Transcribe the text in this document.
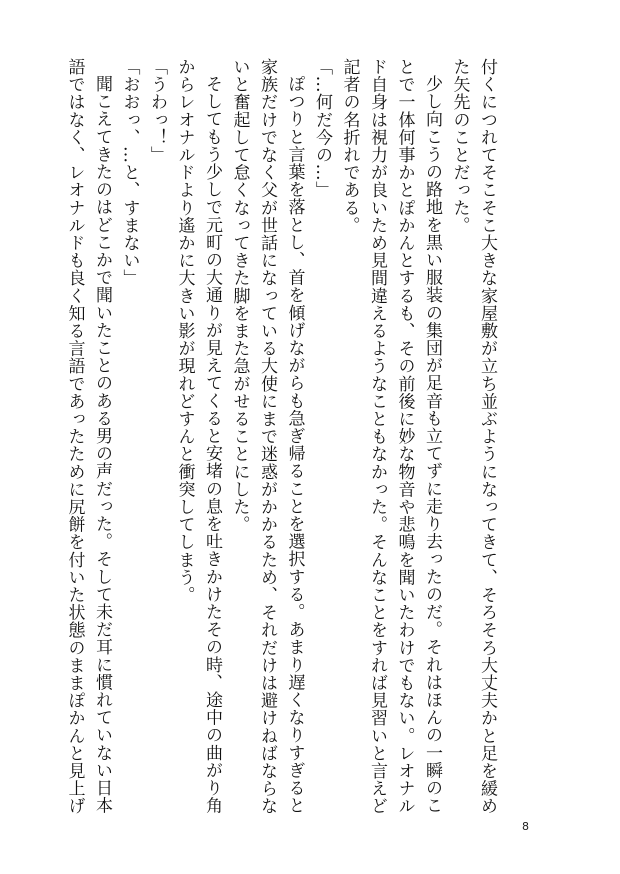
付くにつれてそこそこ大きな家屋敷が立ち並ぶようになってきて、そろそろ大丈夫かと足を緩め
た矢先のことだった。
少し向こうの路地を黒い服装の集団が足音も立てずに走り去ったのだ。それはほんの一瞬のこ
とで一体何事かとぽかんとするも、その前後に妙な物音や悲鳴を聞いたわけでもない。レオナル
ド自身は視力が良いため見間違えるようなこともなかった。そんなことをすれば見習いと言えど
記者の名折れである。
「…何だ今の…」
ぽつりと言葉を落とし、首を傾げながらも急ぎ帰ることを選択する。あまり遅くなりすぎると
家族だけでなく父が世話になっている大使にまで迷惑がかかるため、それだけは避けねばならな
いと奮起して怠くなってきた脚をまた急がせることにした。
そしてもう少しで元町の大通りが見えてくると安堵の息を吐きかけたその時、途中の曲がり角
からレオナルドより遙かに大きい影が現れどすんと衝突してしまう。
「うわっ！」
「おおっ、…と、すまない」
聞こえてきたのはどこかで聞いたことのある男の声だった。そして未だ耳に慣れていない日本
語ではなく、レオナルドも良く知る言語であったために尻餅を付いた状態のままぽかんと見上げ
8
